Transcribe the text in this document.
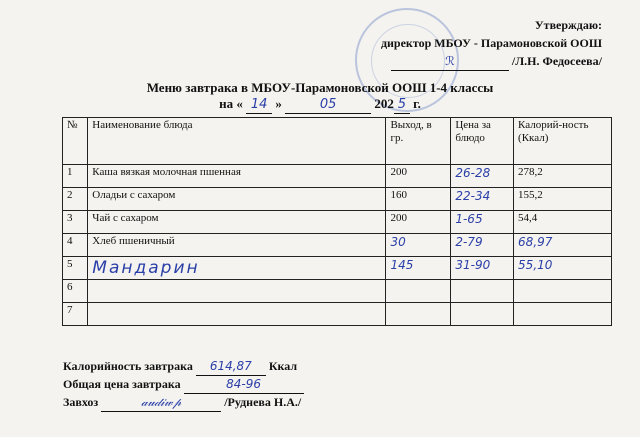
Утверждаю:
директор МБОУ - Парамоновской ООШ
ℛ	/Л.Н. Федосеева/
Меню завтрака в МБОУ-Парамоновской ООШ 1-4 классы
на « 14 »	05	202 5 г.
№	Наименование блюда	Выход, в гр.	Цена за блюдо	Калорий-ность (Ккал)
1	Каша вязкая молочная пшенная	200	26-28	278,2
2	Оладьи с сахаром	160	22-34	155,2
3	Чай с сахаром	200	1-65	54,4
4	Хлеб пшеничный	30	2-79	68,97
5	Мандарин	145	31-90	55,10
6				
7				
Калорийность завтрака 614,87 Ккал
Общая цена завтрака	84-96
Завхоз	𝒶𝓊𝒹𝒾𝓌𝓅	/Руднева Н.А./
